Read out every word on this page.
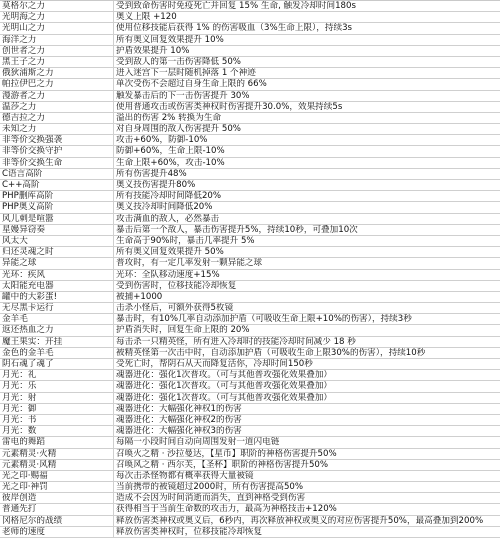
莫格尔之力	受到致命伤害时免疫死亡并回复 15% 生命, 触发冷却时间180s
光明海之力	奥义上限 +120
光明山之力	使用位移技能后获得 1% 的伤害吸血（3%生命上限），持续3s
海洋之力	所有奥义回复效果提升 10%
创世者之力	护盾效果提升 10%
黑王子之力	受到敌人的第一击伤害降低 50%
俄狄浦斯之力	进入迷宫下一层时随机掉落 1 个神迹
帕拉伊巴之力	单次受伤不会超过自身生命上限的 66%
漫游者之力	触发暴击后的下一击伤害提升 30%
温莎之力	使用普通攻击或伤害类神权时伤害提升30.0%，效果持续5s
德吉拉之力	溢出的伤害 2% 转换为生命
未知之力	对自身周围的敌人伤害提升 50%
非等价交换强袭	攻击+60%，防御-10%
非等价交换守护	防御+60%，生命上限-10%
非等价交换生命	生命上限+60%，攻击-10%
C语言高阶	所有伤害提升48%
C++高阶	奥义技伤害提升80%
PHP删库高阶	所有技能冷却时间降低20%
PHP奥义高阶	奥义技冷却时间降低20%
风儿刺是喧嚣	攻击满血的敌人，必然暴击
星嫚异窃奏	暴击后第一个敌人，暴击伤害提升5%，持续10秒，可叠加10次
风太大	生命高于90%时，暴击几率提升 5%
归还灵魂之时	所有奥义回复效果提升 50%
异能之球	普攻时，有一定几率发射一颗异能之球
光环：疾风	光环：全队移动速度+15%
太阳能充电器	受到伤害时，位移技能冷却恢复
罐中的大彩蛋!	被捕+1000
无尽黑卡运行	击杀小怪后，可额外获得5枚镜
金羊毛	暴击时，有10%几率自动添加护盾（可吸收生命上限+10%的伤害），持续3秒
返还热血之力	护盾消失时，回复生命上限的 20%
魔王果实：开挂	每击杀一只精英怪，所有进入冷却时的技能冷却时间减少 18 秒
金色的金羊毛	被精英怪第一次击中时，自动添加护盾（可吸收生命上限30%的伤害），持续10秒
阴石魂了魂了	受死亡时，帮阴石从天而降复活你，冷却时间150秒
月光：礼	魂器进化：强化1次普攻。（可与其他普攻强化效果叠加）
月光：乐	魂器进化：强化1次普攻。（可与其他普攻强化效果叠加）
月光：射	魂器进化：强化1次普攻。（可与其他普攻强化效果叠加）
月光：御	魂器进化：大幅强化神权1的伤害
月光：书	魂器进化：大幅强化神权2的伤害
月光：数	魂器进化：大幅强化神权3的伤害
雷电的舞蹈	每隔一小段时间自动向周围发射一道闪电链
元素精灵·火精	召唤火之精 · 沙拉曼达，【星币】职阶的神格伤害提升50%
元素精灵·风精	召唤风之精 · 西尔芙，【圣杯】职阶的神格伤害提升50%
光之印·赐福	每次击杀怪物都有概率获得大量被镜
光之印·神罚	当前携带的被镜超过2000时，所有伤害提高50%
彼岸创造	造成不会因为时间消逝而消失，直到神格受到伤害
普通先打	获得相当于当前生命数的攻击力，最高为神格技击+120%
冈格尼尔的战绩	释放伤害类神权或奥义后，6秒内，再次释放神权或奥义的对应伤害提升50%，最高叠加到200%
老师的速度	释放伤害类神权时，位移技能冷却恢复
